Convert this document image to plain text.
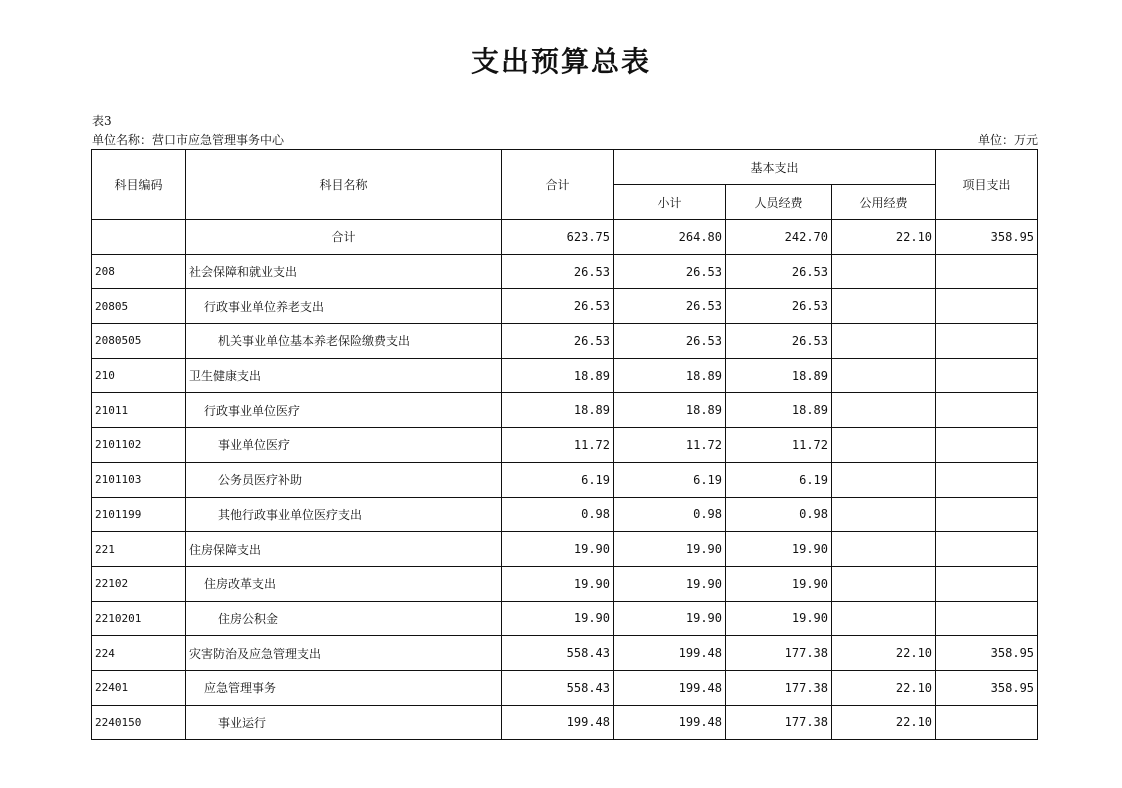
支出预算总表
表3
单位名称：营口市应急管理事务中心	单位：万元
科目编码	科目名称	合计	基本支出			项目支出
			小计	人员经费	公用经费	
	合计	623.75	264.80	242.70	22.10	358.95
208	社会保障和就业支出	26.53	26.53	26.53		
20805	行政事业单位养老支出	26.53	26.53	26.53		
2080505	机关事业单位基本养老保险缴费支出	26.53	26.53	26.53		
210	卫生健康支出	18.89	18.89	18.89		
21011	行政事业单位医疗	18.89	18.89	18.89		
2101102	事业单位医疗	11.72	11.72	11.72		
2101103	公务员医疗补助	6.19	6.19	6.19		
2101199	其他行政事业单位医疗支出	0.98	0.98	0.98		
221	住房保障支出	19.90	19.90	19.90		
22102	住房改革支出	19.90	19.90	19.90		
2210201	住房公积金	19.90	19.90	19.90		
224	灾害防治及应急管理支出	558.43	199.48	177.38	22.10	358.95
22401	应急管理事务	558.43	199.48	177.38	22.10	358.95
2240150	事业运行	199.48	199.48	177.38	22.10	
